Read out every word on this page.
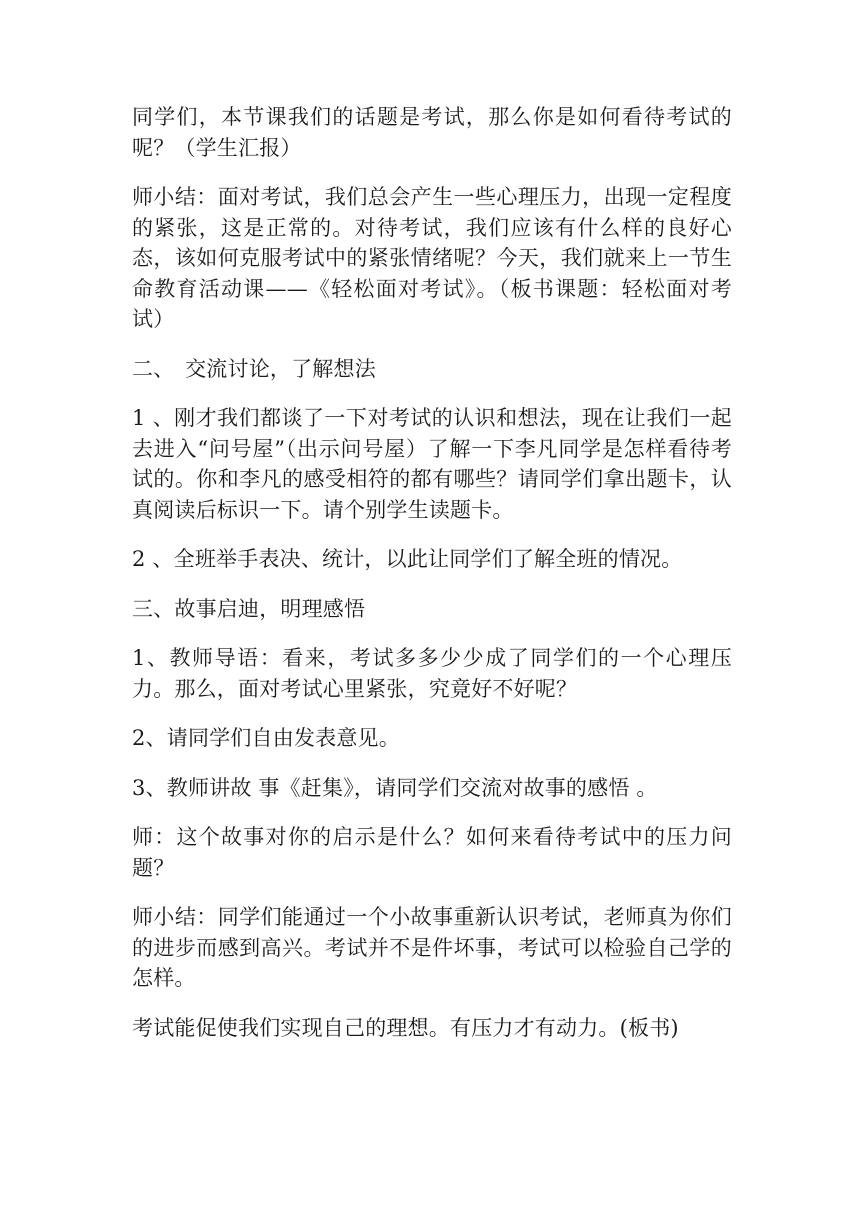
同学们，本节课我们的话题是考试，那么你是如何看待考试的呢？（学生汇报）

师小结：面对考试，我们总会产生一些心理压力，出现一定程度的紧张，这是正常的。对待考试，我们应该有什么样的良好心态，该如何克服考试中的紧张情绪呢？今天，我们就来上一节生命教育活动课——《轻松面对考试》。（板书课题：轻松面对考试）

二、　交流讨论，了解想法

1 、刚才我们都谈了一下对考试的认识和想法，现在让我们一起去进入“问号屋”（出示问号屋）了解一下李凡同学是怎样看待考试的。你和李凡的感受相符的都有哪些？请同学们拿出题卡，认真阅读后标识一下。请个别学生读题卡。

2 、全班举手表决、统计，以此让同学们了解全班的情况。

三、故事启迪，明理感悟

1、教师导语：看来，考试多多少少成了同学们的一个心理压力。那么，面对考试心里紧张，究竟好不好呢？

2、请同学们自由发表意见。

3、教师讲故 事《赶集》，请同学们交流对故事的感悟 。

师：这个故事对你的启示是什么？如何来看待考试中的压力问题？

师小结：同学们能通过一个小故事重新认识考试，老师真为你们的进步而感到高兴。考试并不是件坏事，考试可以检验自己学的怎样。

考试能促使我们实现自己的理想。有压力才有动力。(板书)
